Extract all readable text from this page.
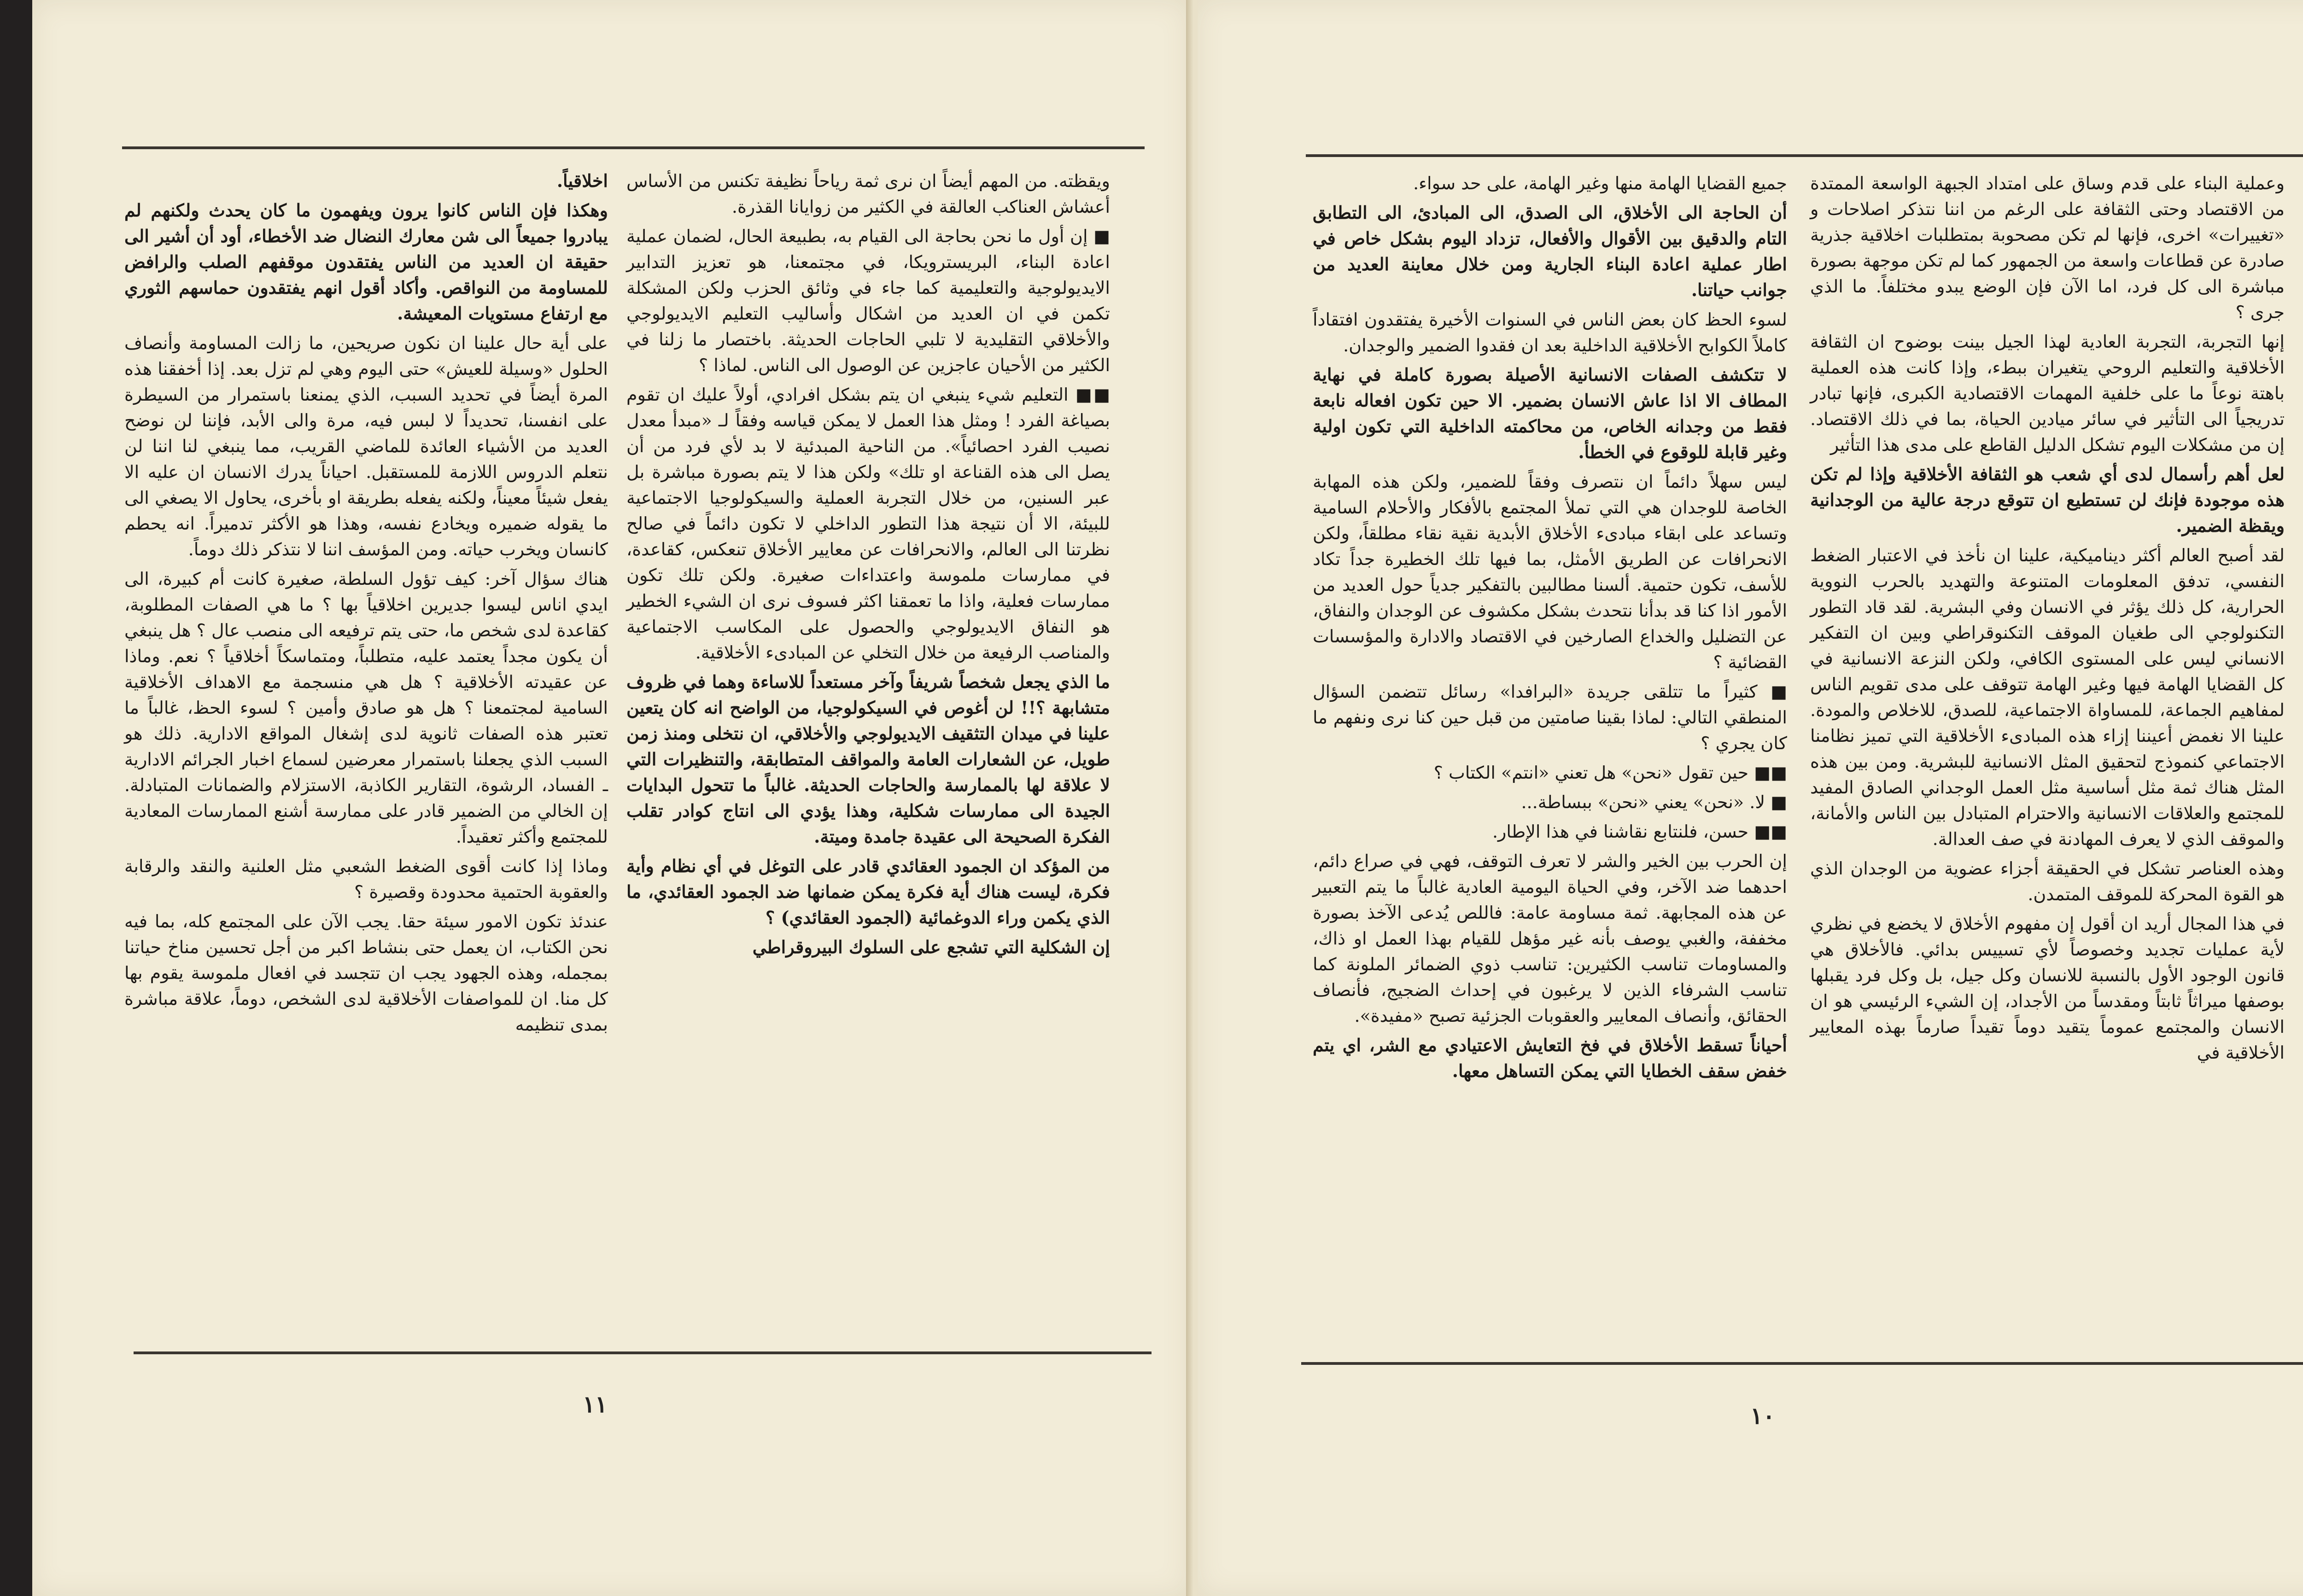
ويقظته. من المهم أيضاً ان نرى ثمة رياحاً نظيفة تكنس من الأساس أعشاش العناكب العالقة في الكثير من زوايانا القذرة.

■ إن أول ما نحن بحاجة الى القيام به، بطبيعة الحال، لضمان عملية اعادة البناء، البريسترويكا، في مجتمعنا، هو تعزيز التدابير الايديولوجية والتعليمية كما جاء في وثائق الحزب ولكن المشكلة تكمن في ان العديد من اشكال وأساليب التعليم الايديولوجي والأخلاقي التقليدية لا تلبي الحاجات الحديثة. باختصار ما زلنا في الكثير من الأحيان عاجزين عن الوصول الى الناس. لماذا ؟

■■ التعليم شيء ينبغي ان يتم بشكل افرادي، أولاً عليك ان تقوم بصياغة الفرد ! ومثل هذا العمل لا يمكن قياسه وفقاً لـ «مبدأ معدل نصيب الفرد احصائياً». من الناحية المبدئية لا بد لأي فرد من أن يصل الى هذه القناعة او تلك» ولكن هذا لا يتم بصورة مباشرة بل عبر السنين، من خلال التجربة العملية والسيكولوجيا الاجتماعية للبيئة، الا أن نتيجة هذا التطور الداخلي لا تكون دائماً في صالح نظرتنا الى العالم، والانحرافات عن معايير الأخلاق تنعكس، كقاعدة، في ممارسات ملموسة واعتداءات صغيرة. ولكن تلك تكون ممارسات فعلية، واذا ما تعمقنا اكثر فسوف نرى ان الشيء الخطير هو النفاق الايديولوجي والحصول على المكاسب الاجتماعية والمناصب الرفيعة من خلال التخلي عن المبادىء الأخلاقية.

ما الذي يجعل شخصاً شريفاً وآخر مستعداً للاساءة وهما في ظروف متشابهة ؟!! لن أغوص في السيكولوجيا، من الواضح انه كان يتعين علينا في ميدان التثقيف الايديولوجي والأخلاقي، ان نتخلى ومنذ زمن طويل، عن الشعارات العامة والمواقف المتطابقة، والتنظيرات التي لا علاقة لها بالممارسة والحاجات الحديثة. غالباً ما تتحول البدايات الجيدة الى ممارسات شكلية، وهذا يؤدي الى انتاج كوادر تقلب الفكرة الصحيحة الى عقيدة جامدة وميتة.

من المؤكد ان الجمود العقائدي قادر على التوغل في أي نظام وأية فكرة، ليست هناك أية فكرة يمكن ضمانها ضد الجمود العقائدي، ما الذي يكمن وراء الدوغمائية (الجمود العقائدي) ؟

إن الشكلية التي تشجع على السلوك البيروقراطي

اخلاقياً.

وهكذا فإن الناس كانوا يرون ويفهمون ما كان يحدث ولكنهم لم يبادروا جميعاً الى شن معارك النضال ضد الأخطاء، أود أن أشير الى حقيقة ان العديد من الناس يفتقدون موقفهم الصلب والرافض للمساومة من النواقص. وأكاد أقول انهم يفتقدون حماسهم الثوري مع ارتفاع مستويات المعيشة.

على أية حال علينا ان نكون صريحين، ما زالت المساومة وأنصاف الحلول «وسيلة للعيش» حتى اليوم وهي لم تزل بعد. إذا أخفقنا هذه المرة أيضاً في تحديد السبب، الذي يمنعنا باستمرار من السيطرة على انفسنا، تحديداً لا لبس فيه، مرة والى الأبد، فإننا لن نوضح العديد من الأشياء العائدة للماضي القريب، مما ينبغي لنا اننا لن نتعلم الدروس اللازمة للمستقبل. احياناً يدرك الانسان ان عليه الا يفعل شيئاً معيناً، ولكنه يفعله بطريقة او بأخرى، يحاول الا يصغي الى ما يقوله ضميره ويخادع نفسه، وهذا هو الأكثر تدميراً. انه يحطم كانسان ويخرب حياته. ومن المؤسف اننا لا نتذكر ذلك دوماً.

هناك سؤال آخر: كيف تؤول السلطة، صغيرة كانت أم كبيرة، الى ايدي اناس ليسوا جديرين اخلاقياً بها ؟ ما هي الصفات المطلوبة، كقاعدة لدى شخص ما، حتى يتم ترفيعه الى منصب عال ؟ هل ينبغي أن يكون مجداً يعتمد عليه، متطلباً، ومتماسكاً أخلاقياً ؟ نعم. وماذا عن عقيدته الأخلاقية ؟ هل هي منسجمة مع الاهداف الأخلاقية السامية لمجتمعنا ؟ هل هو صادق وأمين ؟ لسوء الحظ، غالباً ما تعتبر هذه الصفات ثانوية لدى إشغال المواقع الادارية. ذلك هو السبب الذي يجعلنا باستمرار معرضين لسماع اخبار الجرائم الادارية ـ الفساد، الرشوة، التقارير الكاذبة، الاستزلام والضمانات المتبادلة. إن الخالي من الضمير قادر على ممارسة أشنع الممارسات المعادية للمجتمع وأكثر تعقيداً.

وماذا إذا كانت أقوى الضغط الشعبي مثل العلنية والنقد والرقابة والعقوبة الحتمية محدودة وقصيرة ؟

عندئذ تكون الامور سيئة حقا. يجب الآن على المجتمع كله، بما فيه نحن الكتاب، ان يعمل حتى بنشاط اكبر من أجل تحسين مناخ حياتنا بمجمله، وهذه الجهود يجب ان تتجسد في افعال ملموسة يقوم بها كل منا. ان للمواصفات الأخلاقية لدى الشخص، دوماً، علاقة مباشرة بمدى تنظيمه

وعملية البناء على قدم وساق على امتداد الجبهة الواسعة الممتدة من الاقتصاد وحتى الثقافة على الرغم من اننا نتذكر اصلاحات و «تغييرات» اخرى، فإنها لم تكن مصحوبة بمتطلبات اخلاقية جذرية صادرة عن قطاعات واسعة من الجمهور كما لم تكن موجهة بصورة مباشرة الى كل فرد، اما الآن فإن الوضع يبدو مختلفاً. ما الذي جرى ؟

إنها التجربة، التجربة العادية لهذا الجيل بينت بوضوح ان الثقافة الأخلاقية والتعليم الروحي يتغيران ببطء، وإذا كانت هذه العملية باهتة نوعاً ما على خلفية المهمات الاقتصادية الكبرى، فإنها تبادر تدريجياً الى التأثير في سائر ميادين الحياة، بما في ذلك الاقتصاد. إن من مشكلات اليوم تشكل الدليل القاطع على مدى هذا التأثير

لعل أهم رأسمال لدى أي شعب هو الثقافة الأخلاقية وإذا لم تكن هذه موجودة فإنك لن تستطيع ان تتوقع درجة عالية من الوجدانية ويقظة الضمير.

لقد أصبح العالم أكثر ديناميكية، علينا ان نأخذ في الاعتبار الضغط النفسي، تدفق المعلومات المتنوعة والتهديد بالحرب النووية الحرارية، كل ذلك يؤثر في الانسان وفي البشرية. لقد قاد التطور التكنولوجي الى طغيان الموقف التكنوقراطي وبين ان التفكير الانساني ليس على المستوى الكافي، ولكن النزعة الانسانية في كل القضايا الهامة فيها وغير الهامة تتوقف على مدى تقويم الناس لمفاهيم الجماعة، للمساواة الاجتماعية، للصدق، للاخلاص والمودة. علينا الا نغمض أعيننا إزاء هذه المبادىء الأخلاقية التي تميز نظامنا الاجتماعي كنموذج لتحقيق المثل الانسانية للبشرية. ومن بين هذه المثل هناك ثمة مثل أساسية مثل العمل الوجداني الصادق المفيد للمجتمع والعلاقات الانسانية والاحترام المتبادل بين الناس والأمانة، والموقف الذي لا يعرف المهادنة في صف العدالة.

وهذه العناصر تشكل في الحقيقة أجزاء عضوية من الوجدان الذي هو القوة المحركة للموقف المتمدن.

في هذا المجال أريد ان أقول إن مفهوم الأخلاق لا يخضع في نظري لأية عمليات تجديد وخصوصاً لأي تسييس بدائي. فالأخلاق هي قانون الوجود الأول بالنسبة للانسان وكل جيل، بل وكل فرد يقبلها بوصفها ميراثاً ثابتاً ومقدساً من الأجداد، إن الشيء الرئيسي هو ان الانسان والمجتمع عموماً يتقيد دوماً تقيداً صارماً بهذه المعايير الأخلاقية في

جميع القضايا الهامة منها وغير الهامة، على حد سواء.

أن الحاجة الى الأخلاق، الى الصدق، الى المبادئ، الى التطابق التام والدقيق بين الأقوال والأفعال، تزداد اليوم بشكل خاص في اطار عملية اعادة البناء الجارية ومن خلال معاينة العديد من جوانب حياتنا.

لسوء الحظ كان بعض الناس في السنوات الأخيرة يفتقدون افتقاداً كاملاً الكوابح الأخلاقية الداخلية بعد ان فقدوا الضمير والوجدان.

لا تتكشف الصفات الانسانية الأصيلة بصورة كاملة في نهاية المطاف الا اذا عاش الانسان بضمير. الا حين تكون افعاله نابعة فقط من وجدانه الخاص، من محاكمته الداخلية التي تكون اولية وغير قابلة للوقوع في الخطأ.

ليس سهلاً دائماً ان نتصرف وفقاً للضمير، ولكن هذه المهابة الخاصة للوجدان هي التي تملأ المجتمع بالأفكار والأحلام السامية وتساعد على ابقاء مبادىء الأخلاق الأبدية نقية نقاء مطلقاً، ولكن الانحرافات عن الطريق الأمثل، بما فيها تلك الخطيرة جداً تكاد للأسف، تكون حتمية. ألسنا مطالبين بالتفكير جدياً حول العديد من الأمور اذا كنا قد بدأنا نتحدث بشكل مكشوف عن الوجدان والنفاق، عن التضليل والخداع الصارخين في الاقتصاد والادارة والمؤسسات القضائية ؟

■ كثيراً ما تتلقى جريدة «البرافدا» رسائل تتضمن السؤال المنطقي التالي: لماذا بقينا صامتين من قبل حين كنا نرى ونفهم ما كان يجري ؟

■■ حين تقول «نحن» هل تعني «انتم» الكتاب ؟

■ لا. «نحن» يعني «نحن» ببساطة...

■■ حسن، فلنتابع نقاشنا في هذا الإطار.

إن الحرب بين الخير والشر لا تعرف التوقف، فهي في صراع دائم، احدهما ضد الآخر، وفي الحياة اليومية العادية غالباً ما يتم التعبير عن هذه المجابهة. ثمة مساومة عامة: فاللص يُدعى الآخذ بصورة مخففة، والغبي يوصف بأنه غير مؤهل للقيام بهذا العمل او ذاك، والمساومات تناسب الكثيرين: تناسب ذوي الضمائر الملونة كما تناسب الشرفاء الذين لا يرغبون في إحداث الضجيج، فأنصاف الحقائق، وأنصاف المعايير والعقوبات الجزئية تصبح «مفيدة».

أحياناً تسقط الأخلاق في فخ التعايش الاعتيادي مع الشر، اي يتم خفض سقف الخطايا التي يمكن التساهل معها.

١١	١٠
